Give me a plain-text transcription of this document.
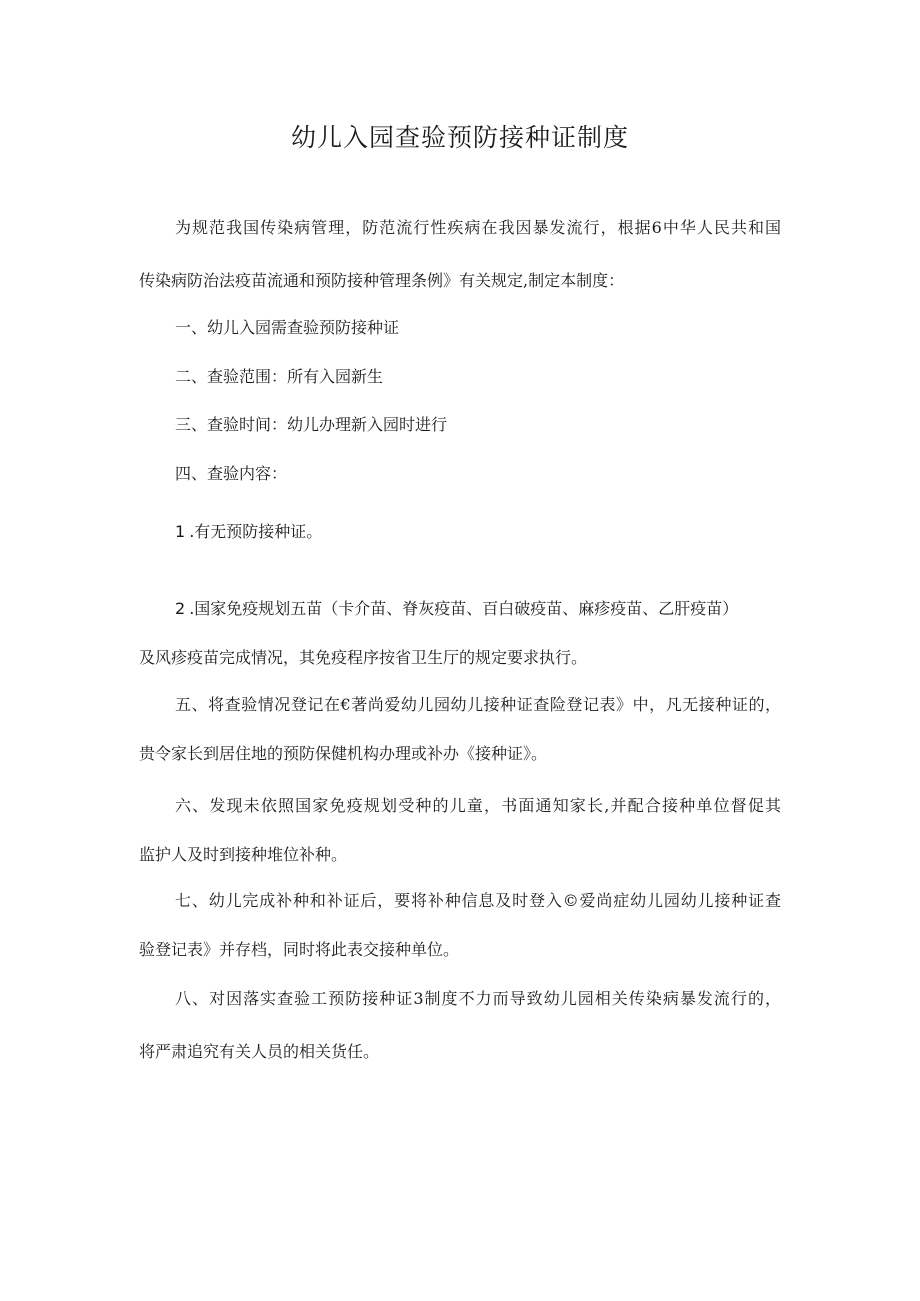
幼儿入园查验预防接种证制度

为规范我国传染病管理，防范流行性疾病在我因暴发流行，根据6中华人民共和国

传染病防治法疫苗流通和预防接种管理条例》有关规定,制定本制度：

一、幼儿入园需查验预防接种证

二、查验范围：所有入园新生

三、查验时间：幼儿办理新入园时进行

四、查验内容：

1 .有无预防接种证。

2 .国家免疫规划五苗（卡介苗、脊灰疫苗、百白破疫苗、麻疹疫苗、乙肝疫苗）

及风疹疫苗完成情况，其免疫程序按省卫生厅的规定要求执行。

五、将查验情况登记在€著尚爱幼儿园幼儿接种证查险登记表》中，凡无接种证的，

贵令家长到居住地的预防保健机构办理或补办《接种证》。

六、发现未依照国家免疫规划受种的儿童，书面通知家长,并配合接种单位督促其

监护人及时到接种堆位补种。

七、幼儿完成补种和补证后，要将补种信息及时登入©爱尚症幼儿园幼儿接种证查

验登记表》并存档，同时将此表交接种单位。

八、对因落实查验工预防接种证3制度不力而导致幼儿园相关传染病暴发流行的，

将严肃追究有关人员的相关货任。
